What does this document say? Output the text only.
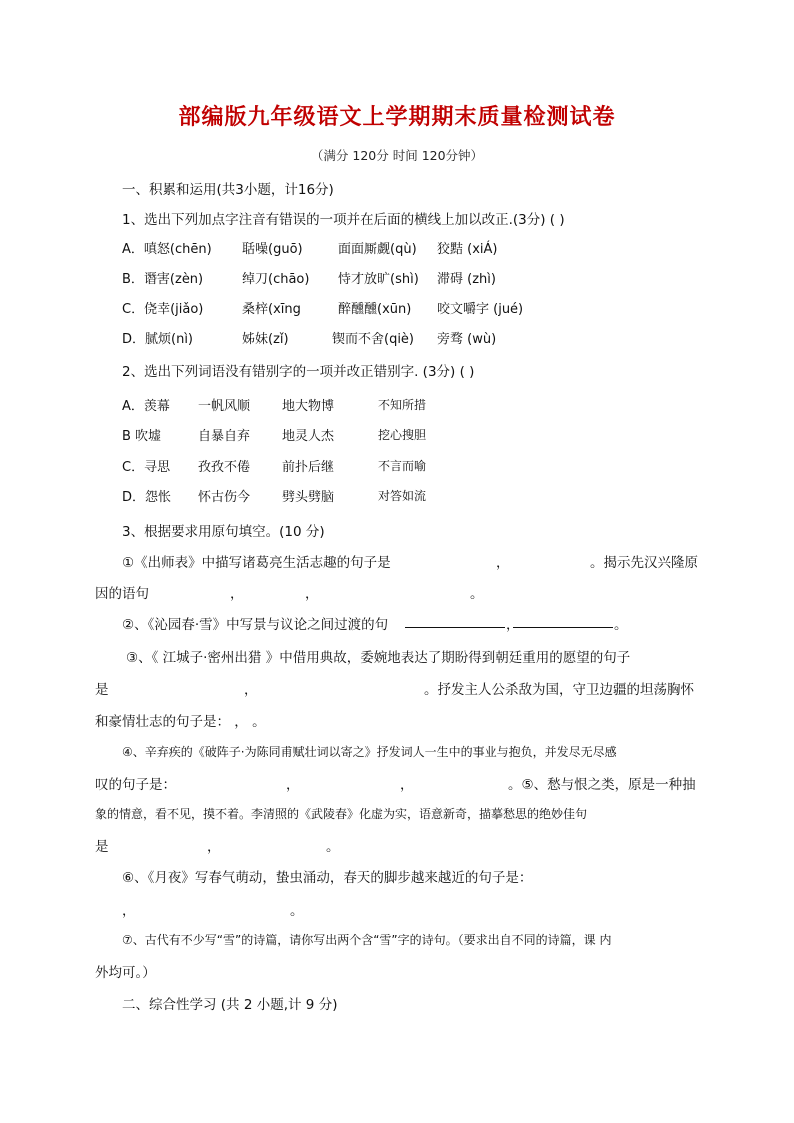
部编版九年级语文上学期期末质量检测试卷
（满分 120分 时间 120分钟）
一、积累和运用(共3小题，计16分)
1、选出下列加点字注音有错误的一项并在后面的横线上加以改正.(3分) ( )
A．嗔怒(chēn) 聒噪(guō)	面面厮觑(qù) 狡黠 (xiÁ)
B．谮害(zèn)	绰刀(chāo) 恃才放旷(shì) 滞碍 (zhì)
C．侥幸(jiǎo)	桑梓(xīng	醉醺醺(xūn) 咬文嚼字 (jué)
D．腻烦(nì)	姊妹(zǐ)	锲而不舍(qiè) 旁骛 (wù)
2、选出下列词语没有错别字的一项并改正错别字. (3分) ( )
A．羡幕 一帆风顺 地大物博	不知所措
B 吹墟	自暴自弃 地灵人杰	挖心搜胆
C．寻思 孜孜不倦 前扑后继	不言而喻
D．怨怅 怀古伤今 劈头劈脑	对答如流
3、根据要求用原句填空。(10 分)
①《出师表》中描写诸葛亮生活志趣的句子是	，	。揭示先汉兴隆原
因的语句	，	，	。
②、《沁园春·雪》中写景与议论之间过渡的句	，	。
③、《 江城子·密州出猎 》中借用典故，委婉地表达了期盼得到朝廷重用的愿望的句子
是	，	。抒发主人公杀敌为国，守卫边疆的坦荡胸怀
和豪情壮志的句子是： ， 。
④、辛弃疾的《破阵子·为陈同甫赋壮词以寄之》抒发词人一生中的事业与抱负，并发尽无尽感
叹的句子是：	，	，	。⑤、愁与恨之类，原是一种抽
象的情意，看不见，摸不着。李清照的《武陵春》化虚为实，语意新奇，描摹愁思的绝妙佳句
是	，	。
⑥、《月夜》写春气萌动，蛰虫涌动，春天的脚步越来越近的句子是：
，	。
⑦、古代有不少写“雪”的诗篇，请你写出两个含“雪”字的诗句。（要求出自不同的诗篇，课 内
外均可。）
二、综合性学习 (共 2 小题,计 9 分)
